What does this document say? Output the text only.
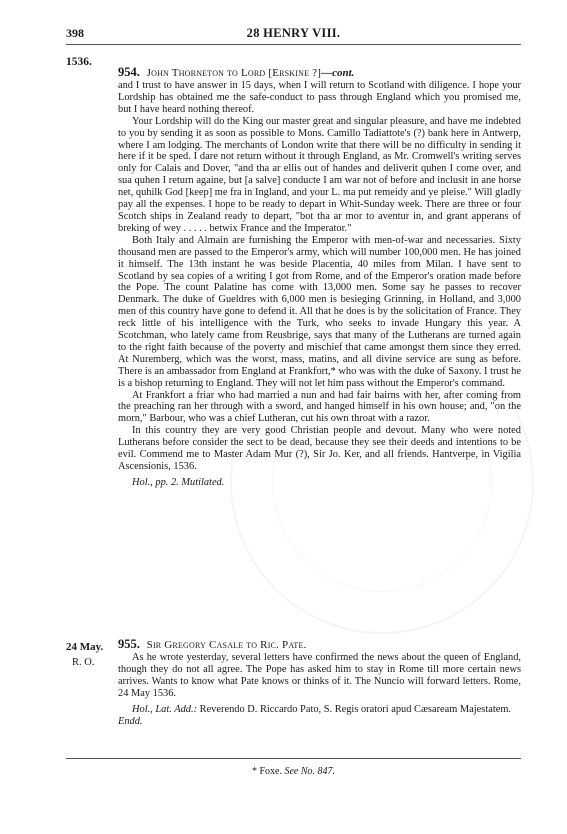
398	28 HENRY VIII.
1536.

954. John Thorneton to Lord [Erskine ?]—cont.

and I trust to have answer in 15 days, when I will return to Scotland with diligence. I hope your Lordship has obtained me the safe-conduct to pass through England which you promised me, but I have heard nothing thereof.

Your Lordship will do the King our master great and singular pleasure, and have me indebted to you by sending it as soon as possible to Mons. Camillo Tadiattote's (?) bank here in Antwerp, where I am lodging. The merchants of London write that there will be no difficulty in sending it here if it be sped. I dare not return without it through England, as Mr. Cromwell's writing serves only for Calais and Dover, "and tha ar ellis out of handes and deliverit quhen I come over, and sua quhen I return againe, but [a salve] conducte I am war not of before and inclusit in ane horse net, quhilk God [keep] me fra in Ingland, and your L. ma put remeidy and ye pleise." Will gladly pay all the expenses. I hope to be ready to depart in Whit-Sunday week. There are three or four Scotch ships in Zealand ready to depart, "bot tha ar mor to aventur in, and grant apperans of breking of wey . . . . . betwix France and the Imperator."

Both Italy and Almain are furnishing the Emperor with men-of-war and necessaries. Sixty thousand men are passed to the Emperor's army, which will number 100,000 men. He has joined it himself. The 13th instant he was beside Placentia, 40 miles from Milan. I have sent to Scotland by sea copies of a writing I got from Rome, and of the Emperor's oration made before the Pope. The count Palatine has come with 13,000 men. Some say he passes to recover Denmark. The duke of Gueldres with 6,000 men is besieging Grinning, in Holland, and 3,000 men of this country have gone to defend it. All that he does is by the solicitation of France. They reck little of his intelligence with the Turk, who seeks to invade Hungary this year. A Scotchman, who lately came from Reusbrige, says that many of the Lutherans are turned again to the right faith because of the poverty and mischief that came amongst them since they erred. At Nuremberg, which was the worst, mass, matins, and all divine service are sung as before. There is an ambassador from England at Frankfort,* who was with the duke of Saxony. I trust he is a bishop returning to England. They will not let him pass without the Emperor's command.

At Frankfort a friar who had married a nun and had fair bairns with her, after coming from the preaching ran her through with a sword, and hanged himself in his own house; and, "on the morn," Barbour, who was a chief Lutheran, cut his own throat with a razor.

In this country they are very good Christian people and devout. Many who were noted Lutherans before consider the sect to be dead, because they see their deeds and intentions to be evil. Commend me to Master Adam Mur (?), Sir Jo. Ker, and all friends. Hantverpe, in Vigilia Ascensionis, 1536.

Hol., pp. 2. Mutilated.

24 May.
R. O.

955. Sir Gregory Casale to Ric. Pate.

As he wrote yesterday, several letters have confirmed the news about the queen of England, though they do not all agree. The Pope has asked him to stay in Rome till more certain news arrives. Wants to know what Pate knows or thinks of it. The Nuncio will forward letters. Rome, 24 May 1536.

Hol., Lat. Add.: Reverendo D. Riccardo Pato, S. Regis oratori apud Cæsaream Majestatem. Endd.

* Foxe. See No. 847.
